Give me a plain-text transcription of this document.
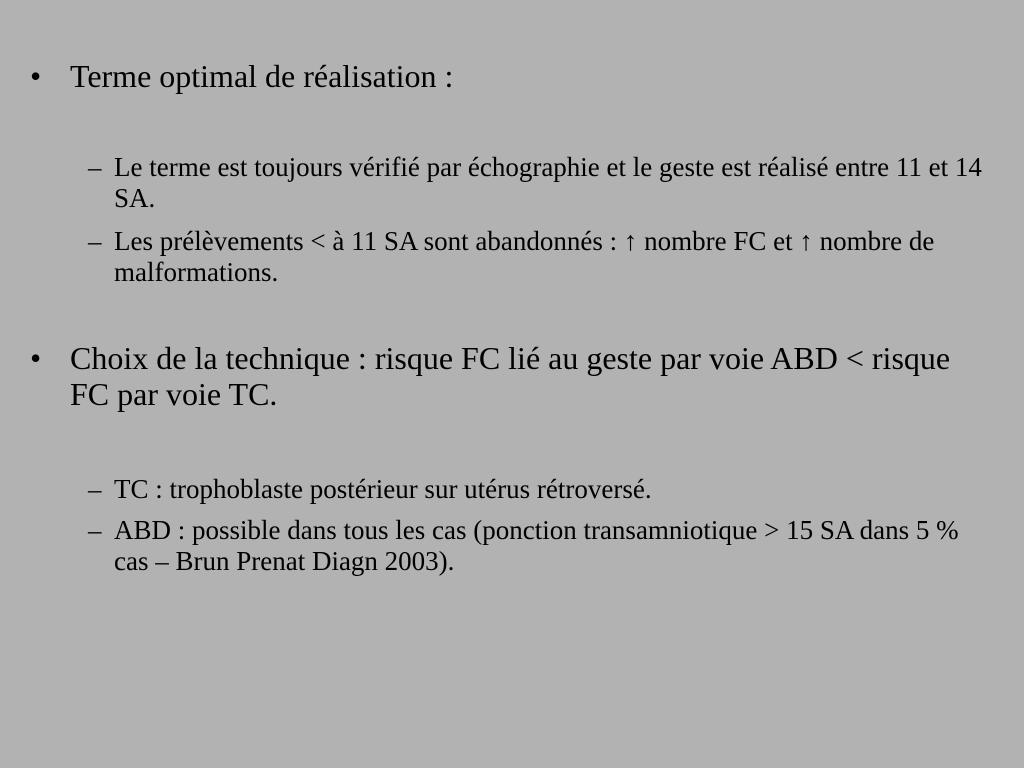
• Terme optimal de réalisation :
– Le terme est toujours vérifié par échographie et le geste est réalisé entre 11 et 14 SA.
– Les prélèvements < à 11 SA sont abandonnés : ↑ nombre FC et ↑ nombre de malformations.
• Choix de la technique : risque FC lié au geste par voie ABD < risque FC par voie TC.
– TC : trophoblaste postérieur sur utérus rétroversé.
– ABD : possible dans tous les cas (ponction transamniotique > 15 SA dans 5 % cas – Brun Prenat Diagn 2003).
